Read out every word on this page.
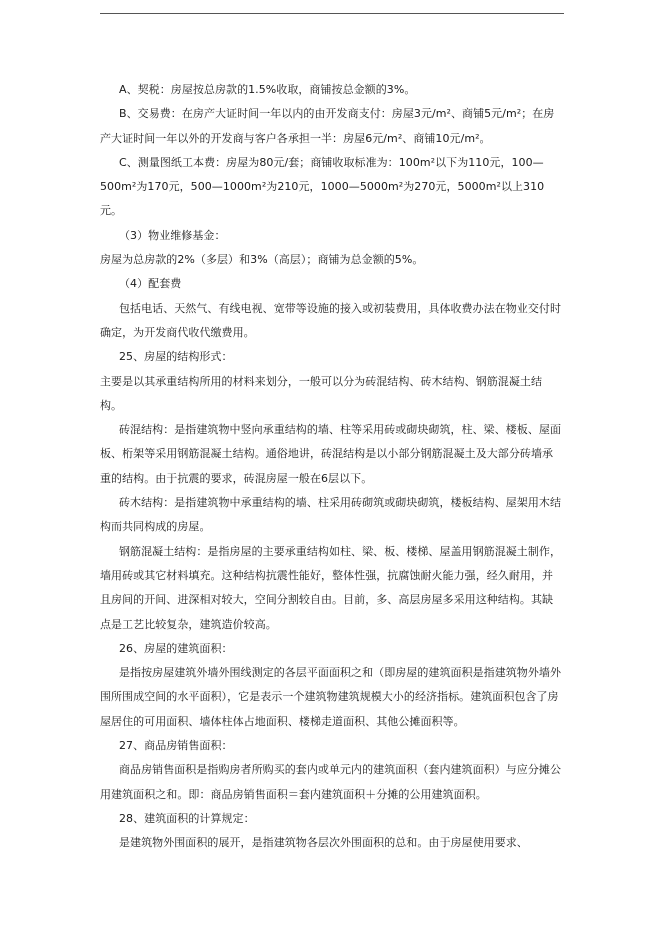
A、契税：房屋按总房款的1.5%收取，商铺按总金额的3%。

B、交易费：在房产大证时间一年以内的由开发商支付：房屋3元/m²、商铺5元/m²；在房产大证时间一年以外的开发商与客户各承担一半：房屋6元/m²、商铺10元/m²。

C、测量图纸工本费：房屋为80元/套；商铺收取标准为：100m²以下为110元，100—500m²为170元，500—1000m²为210元，1000—5000m²为270元，5000m²以上310元。

（3）物业维修基金：

房屋为总房款的2%（多层）和3%（高层）；商铺为总金额的5%。

（4）配套费

包括电话、天然气、有线电视、宽带等设施的接入或初装费用，具体收费办法在物业交付时确定，为开发商代收代缴费用。

25、房屋的结构形式：

主要是以其承重结构所用的材料来划分，一般可以分为砖混结构、砖木结构、钢筋混凝土结构。

砖混结构：是指建筑物中竖向承重结构的墙、柱等采用砖或砌块砌筑，柱、梁、楼板、屋面板、桁架等采用钢筋混凝土结构。通俗地讲，砖混结构是以小部分钢筋混凝土及大部分砖墙承重的结构。由于抗震的要求，砖混房屋一般在6层以下。

砖木结构：是指建筑物中承重结构的墙、柱采用砖砌筑或砌块砌筑，楼板结构、屋架用木结构而共同构成的房屋。

钢筋混凝土结构：是指房屋的主要承重结构如柱、梁、板、楼梯、屋盖用钢筋混凝土制作，墙用砖或其它材料填充。这种结构抗震性能好，整体性强，抗腐蚀耐火能力强，经久耐用，并且房间的开间、进深相对较大，空间分割较自由。目前，多、高层房屋多采用这种结构。其缺点是工艺比较复杂，建筑造价较高。

26、房屋的建筑面积：

是指按房屋建筑外墙外围线测定的各层平面面积之和（即房屋的建筑面积是指建筑物外墙外围所围成空间的水平面积），它是表示一个建筑物建筑规模大小的经济指标。建筑面积包含了房屋居住的可用面积、墙体柱体占地面积、楼梯走道面积、其他公摊面积等。

27、商品房销售面积：

商品房销售面积是指购房者所购买的套内或单元内的建筑面积（套内建筑面积）与应分摊公用建筑面积之和。即：商品房销售面积＝套内建筑面积＋分摊的公用建筑面积。

28、建筑面积的计算规定：

是建筑物外围面积的展开，是指建筑物各层次外围面积的总和。由于房屋使用要求、
